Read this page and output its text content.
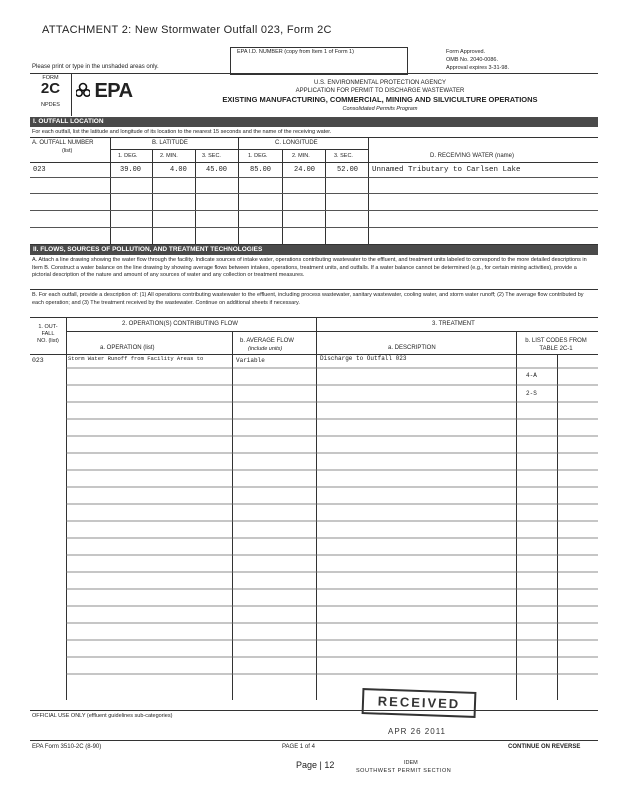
ATTACHMENT 2: New Stormwater Outfall 023, Form 2C
EPA I.D. NUMBER (copy from Item 1 of Form 1)	Form Approved.
OMB No. 2040-0086.
Approval expires 3-31-98.
Please print or type in the unshaded areas only.
FORM
2C
NPDES
EPA	U.S. ENVIRONMENTAL PROTECTION AGENCY
APPLICATION FOR PERMIT TO DISCHARGE WASTEWATER
EXISTING MANUFACTURING, COMMERCIAL, MINING AND SILVICULTURE OPERATIONS
Consolidated Permits Program
I. OUTFALL LOCATION
For each outfall, list the latitude and longitude of its location to the nearest 15 seconds and the name of the receiving water.
A. OUTFALL NUMBER
(list)
B. LATITUDE	C. LONGITUDE
1. DEG.	2. MIN.	3. SEC.	1. DEG.	2. MIN.	3. SEC.	D. RECEIVING WATER (name)
023	39.00	4.00	45.00	85.00	24.00	52.00 Unnamed Tributary to Carlsen Lake
II. FLOWS, SOURCES OF POLLUTION, AND TREATMENT TECHNOLOGIES
A. Attach a line drawing showing the water flow through the facility. Indicate sources of intake water, operations contributing wastewater to the effluent, and treatment units labeled to correspond to the more detailed descriptions in Item B. Construct a water balance on the line drawing by showing average flows between intakes, operations, treatment units, and outfalls. If a water balance cannot be determined (e.g., for certain mining activities), provide a pictorial description of the nature and amount of any sources of water and any collection or treatment measures.
B. For each outfall, provide a description of: (1) All operations contributing wastewater to the effluent, including process wastewater, sanitary wastewater, cooling water, and storm water runoff; (2) The average flow contributed by each operation; and (3) The treatment received by the wastewater. Continue on additional sheets if necessary.
1. OUT-
FALL
NO. (list)
2. OPERATION(S) CONTRIBUTING FLOW	3. TREATMENT
a. OPERATION (list)
b. AVERAGE FLOW
(include units)	a. DESCRIPTION
b. LIST CODES FROM
TABLE 2C-1
023	Storm Water Runoff from Facility Areas to	Variable	Discharge to Outfall 023
4-A
2-S
OFFICIAL USE ONLY (effluent guidelines sub-categories)
RECEIVED
APR 26 2011
EPA Form 3510-2C (8-90)	PAGE 1 of 4	CONTINUE ON REVERSE
Page | 12	IDEM
SOUTHWEST PERMIT SECTION
